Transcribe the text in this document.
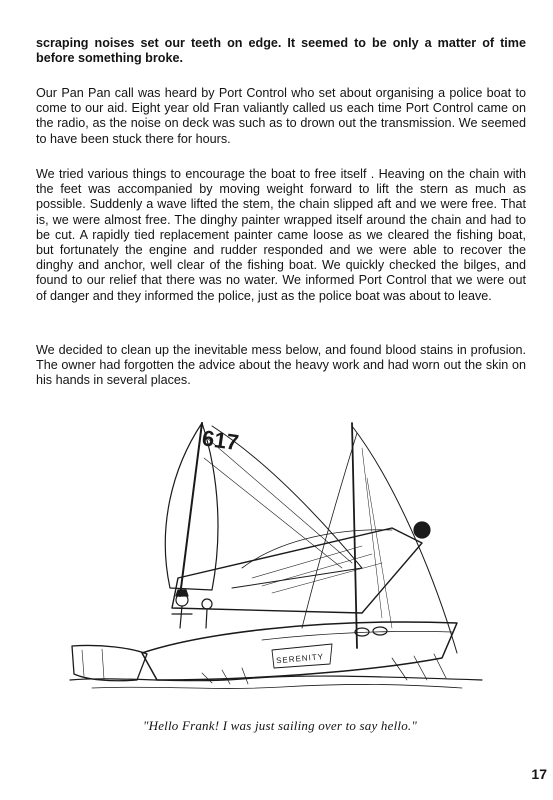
scraping noises set our teeth on edge. It seemed to be only a matter of time before something broke.

Our Pan Pan call was heard by Port Control who set about organising a police boat to come to our aid. Eight year old Fran valiantly called us each time Port Control came on the radio, as the noise on deck was such as to drown out the transmission. We seemed to have been stuck there for hours.

We tried various things to encourage the boat to free itself . Heaving on the chain with the feet was accompanied by moving weight forward to lift the stern as much as possible. Suddenly a wave lifted the stem, the chain slipped aft and we were free. That is, we were almost free. The dinghy painter wrapped itself around the chain and had to be cut. A rapidly tied replacement painter came loose as we cleared the fishing boat, but fortunately the engine and rudder responded and we were able to recover the dinghy and anchor, well clear of the fishing boat. We quickly checked the bilges, and found to our relief that there was no water. We informed Port Control that we were out of danger and they informed the police, just as the police boat was about to leave.

We decided to clean up the inevitable mess below, and found blood stains in profusion. The owner had forgotten the advice about the heavy work and had worn out the skin on his hands in several places.

617
SERENITY

"Hello Frank! I was just sailing over to say hello."

17
